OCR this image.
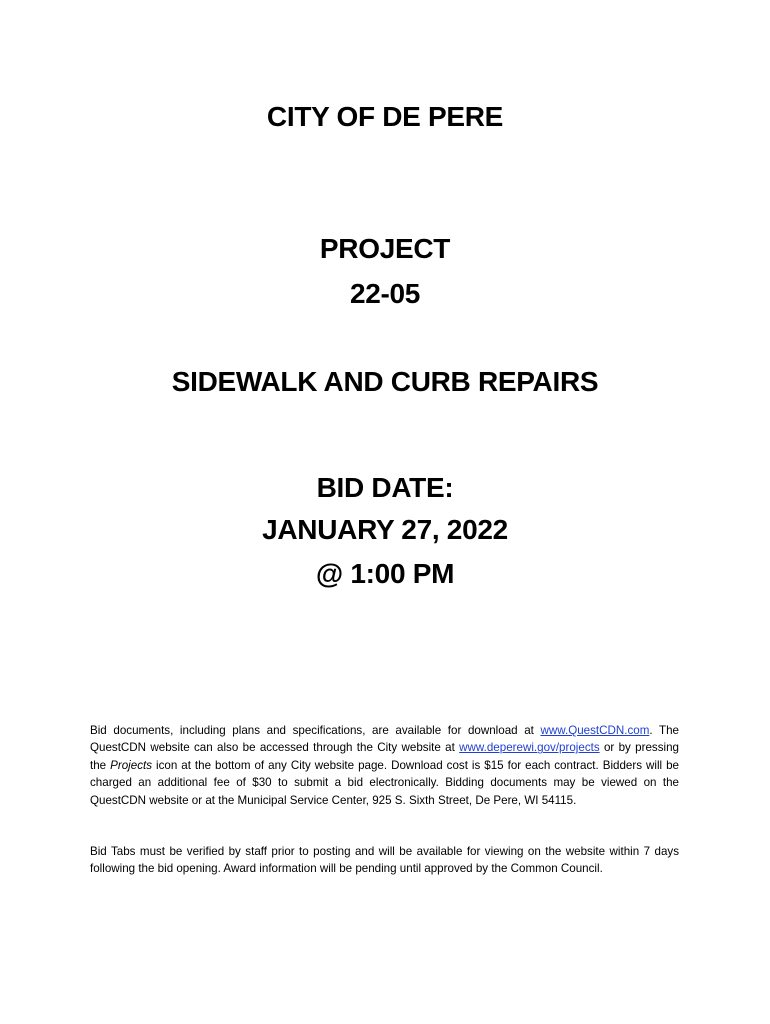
CITY OF DE PERE
PROJECT
22-05
SIDEWALK AND CURB REPAIRS
BID DATE:
JANUARY 27, 2022
@ 1:00 PM
Bid documents, including plans and specifications, are available for download at www.QuestCDN.com. The QuestCDN website can also be accessed through the City website at www.deperewi.gov/projects or by pressing the Projects icon at the bottom of any City website page. Download cost is $15 for each contract. Bidders will be charged an additional fee of $30 to submit a bid electronically. Bidding documents may be viewed on the QuestCDN website or at the Municipal Service Center, 925 S. Sixth Street, De Pere, WI 54115.
Bid Tabs must be verified by staff prior to posting and will be available for viewing on the website within 7 days following the bid opening. Award information will be pending until approved by the Common Council.
